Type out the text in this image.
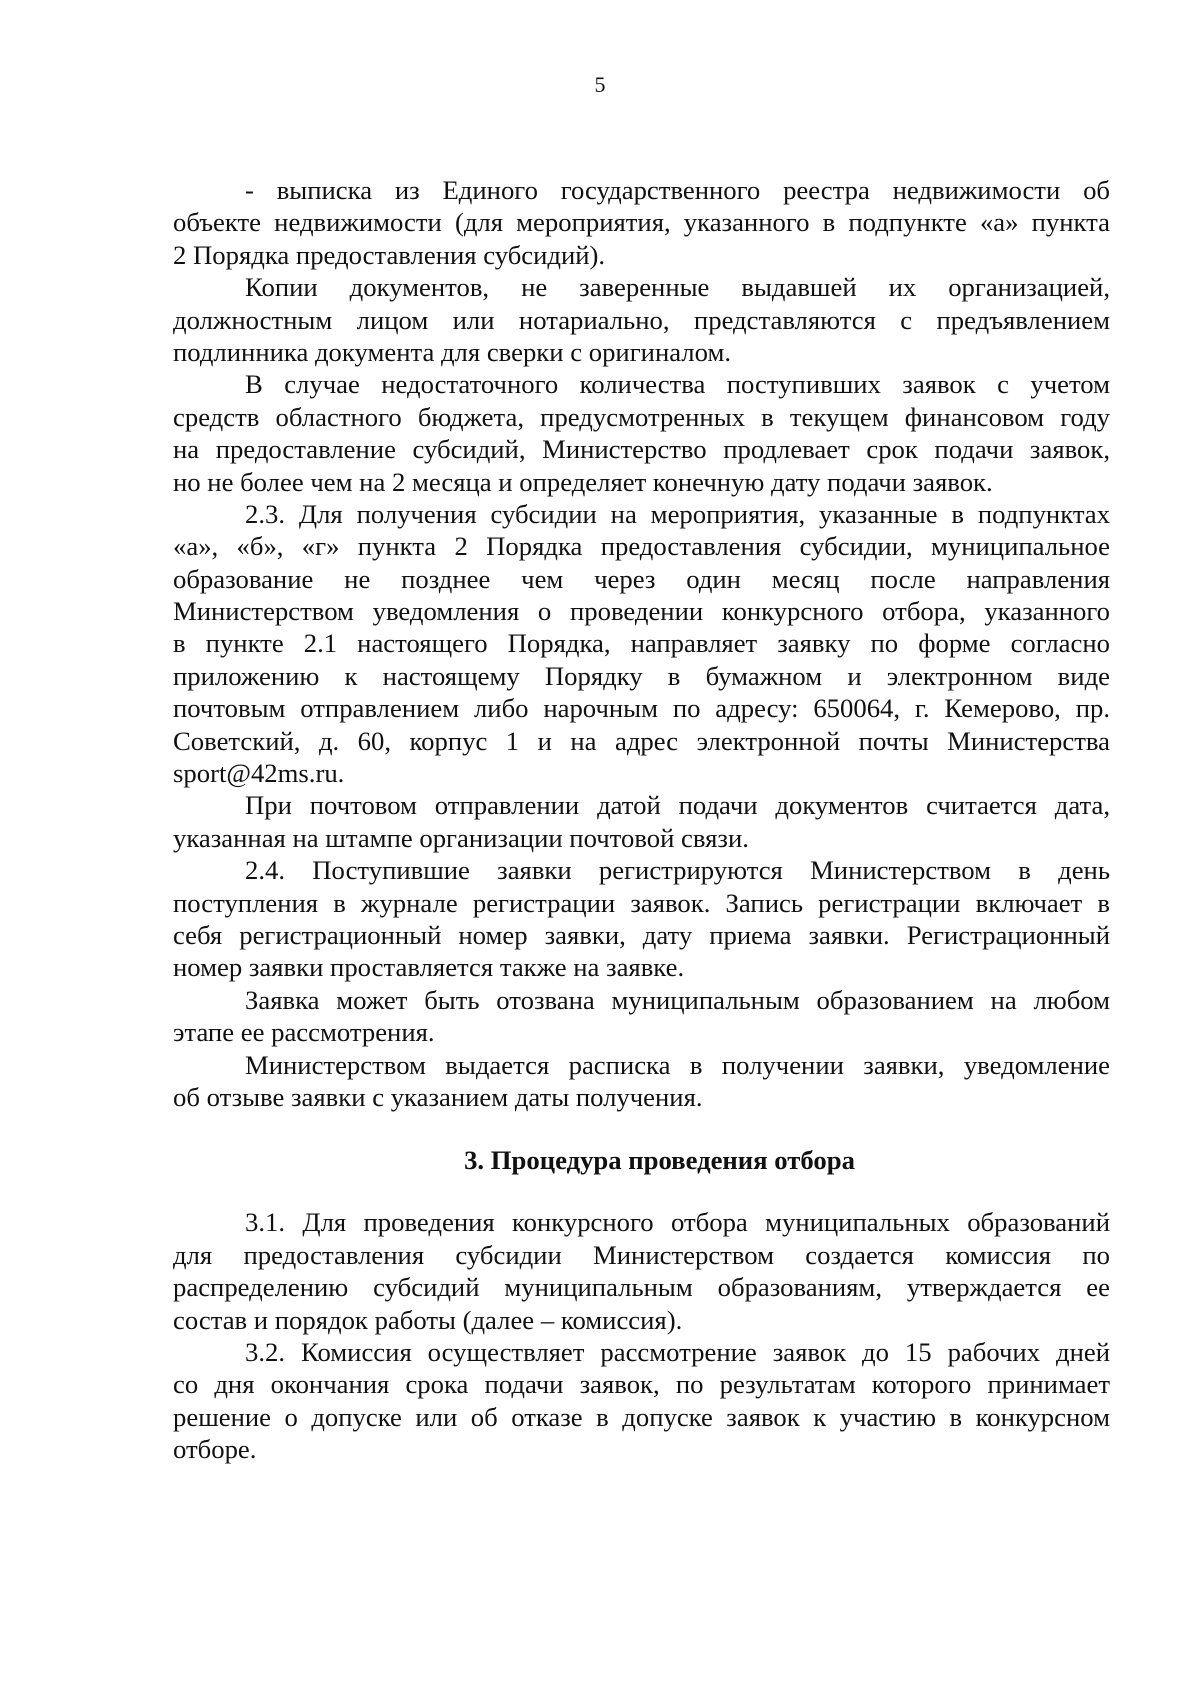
5
- выписка из Единого государственного реестра недвижимости об
объекте недвижимости (для мероприятия, указанного в подпункте «а» пункта
2 Порядка предоставления субсидий).
Копии документов, не заверенные выдавшей их организацией,
должностным лицом или нотариально, представляются с предъявлением
подлинника документа для сверки с оригиналом.
В случае недостаточного количества поступивших заявок с учетом
средств областного бюджета, предусмотренных в текущем финансовом году
на предоставление субсидий, Министерство продлевает срок подачи заявок,
но не более чем на 2 месяца и определяет конечную дату подачи заявок.
2.3. Для получения субсидии на мероприятия, указанные в подпунктах
«а», «б», «г» пункта 2 Порядка предоставления субсидии, муниципальное
образование не позднее чем через один месяц после направления
Министерством уведомления о проведении конкурсного отбора, указанного
в пункте 2.1 настоящего Порядка, направляет заявку по форме согласно
приложению к настоящему Порядку в бумажном и электронном виде
почтовым отправлением либо нарочным по адресу: 650064, г. Кемерово, пр.
Советский, д. 60, корпус 1 и на адрес электронной почты Министерства
sport@42ms.ru.
При почтовом отправлении датой подачи документов считается дата,
указанная на штампе организации почтовой связи.
2.4. Поступившие заявки регистрируются Министерством в день
поступления в журнале регистрации заявок. Запись регистрации включает в
себя регистрационный номер заявки, дату приема заявки. Регистрационный
номер заявки проставляется также на заявке.
Заявка может быть отозвана муниципальным образованием на любом
этапе ее рассмотрения.
Министерством выдается расписка в получении заявки, уведомление
об отзыве заявки с указанием даты получения.
3. Процедура проведения отбора
3.1. Для проведения конкурсного отбора муниципальных образований
для предоставления субсидии Министерством создается комиссия по
распределению субсидий муниципальным образованиям, утверждается ее
состав и порядок работы (далее – комиссия).
3.2. Комиссия осуществляет рассмотрение заявок до 15 рабочих дней
со дня окончания срока подачи заявок, по результатам которого принимает
решение о допуске или об отказе в допуске заявок к участию в конкурсном
отборе.
